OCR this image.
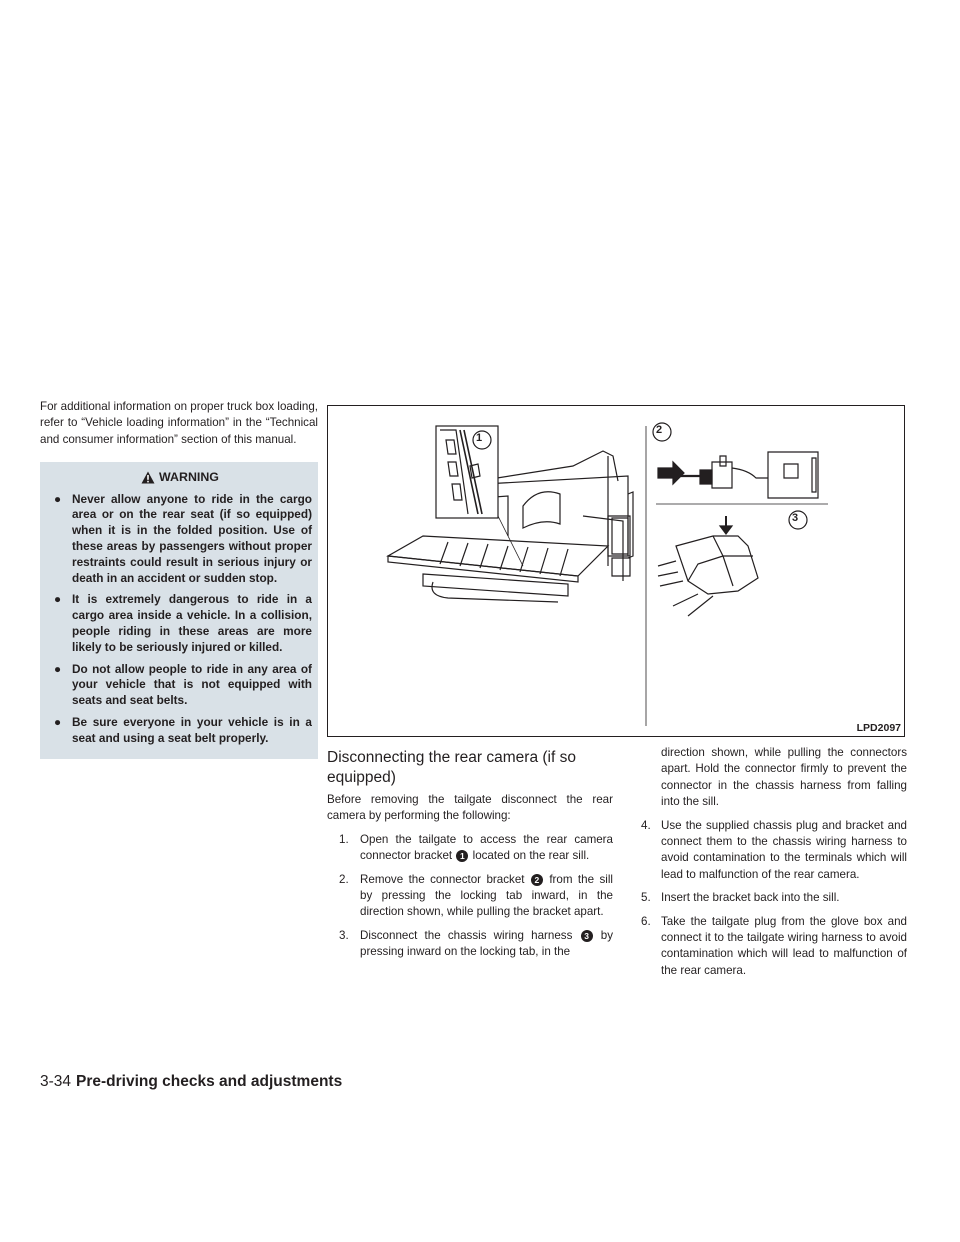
For additional information on proper truck box loading, refer to “Vehicle loading information” in the “Technical and consumer information” section of this manual.

WARNING
● Never allow anyone to ride in the cargo area or on the rear seat (if so equipped) when it is in the folded position. Use of these areas by passengers without proper restraints could result in serious injury or death in an accident or sudden stop.
● It is extremely dangerous to ride in a cargo area inside a vehicle. In a collision, people riding in these areas are more likely to be seriously injured or killed.
● Do not allow people to ride in any area of your vehicle that is not equipped with seats and seat belts.
● Be sure everyone in your vehicle is in a seat and using a seat belt properly.
1
2
3
LPD2097
Disconnecting the rear camera (if so equipped)

Before removing the tailgate disconnect the rear camera by performing the following:

1. Open the tailgate to access the rear camera connector bracket 1 located on the rear sill.
2. Remove the connector bracket 2 from the sill by pressing the locking tab inward, in the direction shown, while pulling the bracket apart.
3. Disconnect the chassis wiring harness 3 by pressing inward on the locking tab, in the

direction shown, while pulling the connectors apart. Hold the connector firmly to prevent the connector in the chassis harness from falling into the sill.

4. Use the supplied chassis plug and bracket and connect them to the chassis wiring harness to avoid contamination to the terminals which will lead to malfunction of the rear camera.
5. Insert the bracket back into the sill.
6. Take the tailgate plug from the glove box and connect it to the tailgate wiring harness to avoid contamination which will lead to malfunction of the rear camera.
3-34 Pre-driving checks and adjustments
